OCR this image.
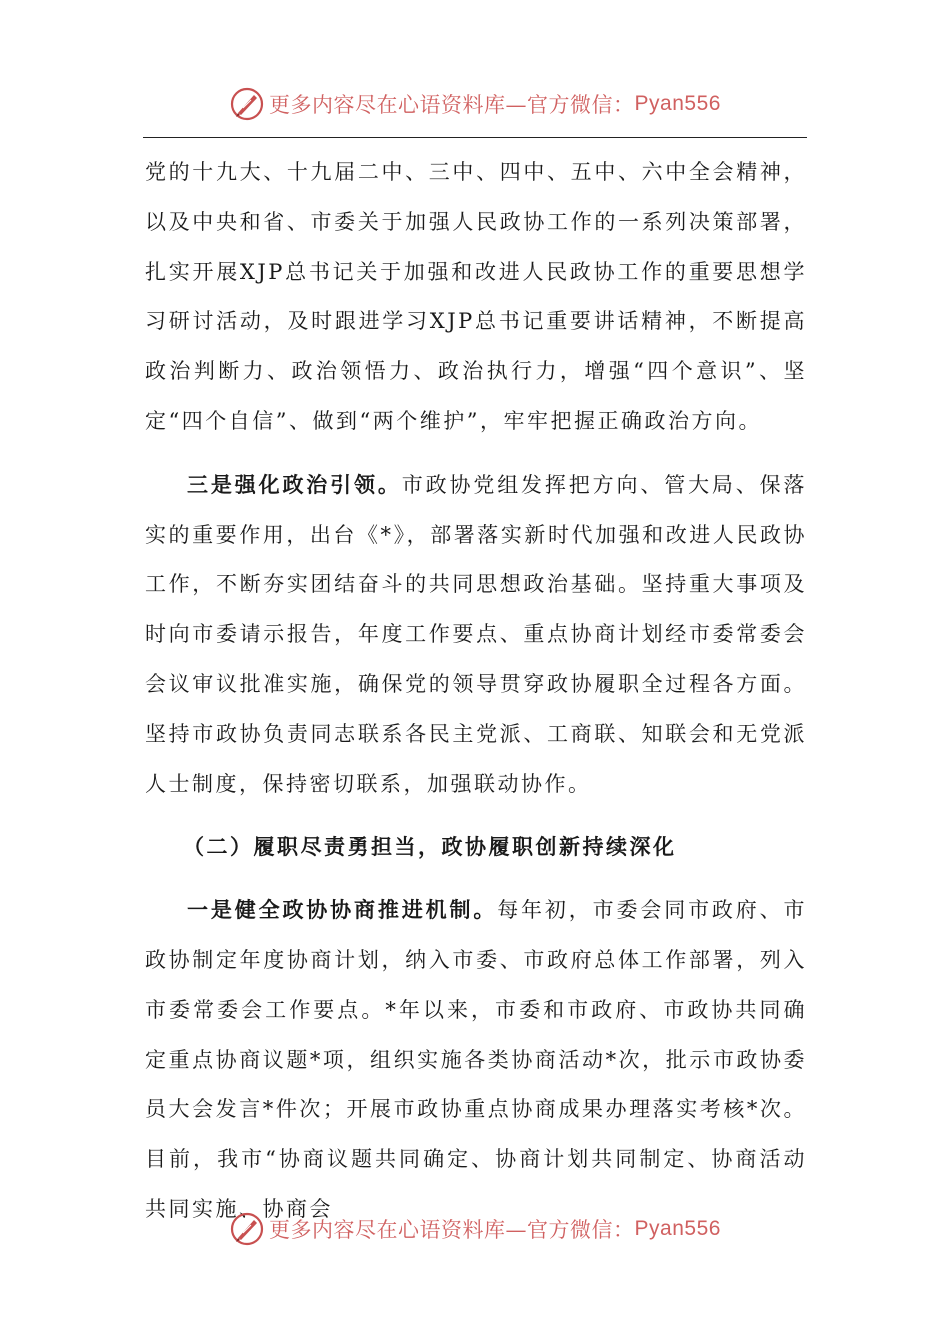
更多内容尽在心语资料库—官方微信： Pyan556

党的十九大、十九届二中、三中、四中、五中、六中全会精神，以及中央和省、市委关于加强人民政协工作的一系列决策部署，扎实开展XJP总书记关于加强和改进人民政协工作的重要思想学习研讨活动，及时跟进学习XJP总书记重要讲话精神，不断提高政治判断力、政治领悟力、政治执行力，增强“四个意识”、坚定“四个自信”、做到“两个维护”，牢牢把握正确政治方向。

三是强化政治引领。市政协党组发挥把方向、管大局、保落实的重要作用，出台《*》，部署落实新时代加强和改进人民政协工作，不断夯实团结奋斗的共同思想政治基础。坚持重大事项及时向市委请示报告，年度工作要点、重点协商计划经市委常委会会议审议批准实施，确保党的领导贯穿政协履职全过程各方面。坚持市政协负责同志联系各民主党派、工商联、知联会和无党派人士制度，保持密切联系，加强联动协作。

（二）履职尽责勇担当，政协履职创新持续深化

一是健全政协协商推进机制。每年初，市委会同市政府、市政协制定年度协商计划，纳入市委、市政府总体工作部署，列入市委常委会工作要点。*年以来，市委和市政府、市政协共同确定重点协商议题*项，组织实施各类协商活动*次，批示市政协委员大会发言*件次；开展市政协重点协商成果办理落实考核*次。目前，我市“协商议题共同确定、协商计划共同制定、协商活动共同实施、协商会

更多内容尽在心语资料库—官方微信： Pyan556
